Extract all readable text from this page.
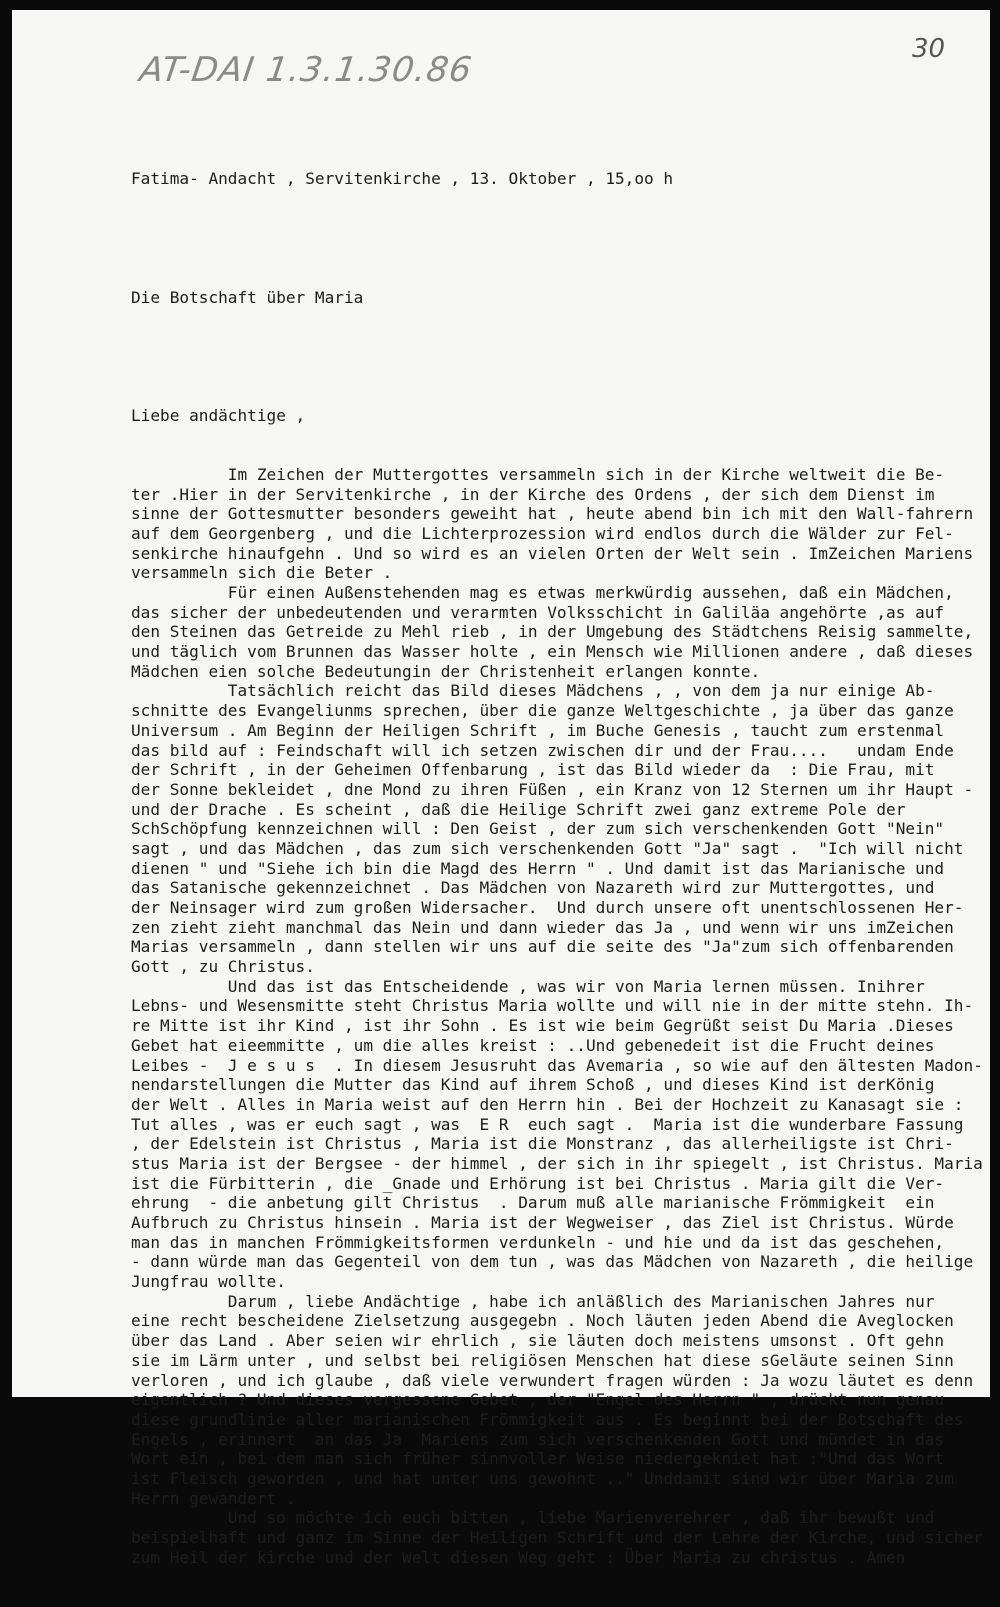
AT-DAI 1.3.1.30.86
30

Fatima- Andacht , Servitenkirche , 13. Oktober , 15,oo h

Die Botschaft über Maria

Liebe andächtige ,

Im Zeichen der Muttergottes versammeln sich in der Kirche weltweit die Be-
ter .Hier in der Servitenkirche , in der Kirche des Ordens , der sich dem Dienst im
sinne der Gottesmutter besonders geweiht hat , heute abend bin ich mit den Wall-fahrern
auf dem Georgenberg , und die Lichterprozession wird endlos durch die Wälder zur Fel-
senkirche hinaufgehn . Und so wird es an vielen Orten der Welt sein . ImZeichen Mariens
versammeln sich die Beter .
Für einen Außenstehenden mag es etwas merkwürdig aussehen, daß ein Mädchen,
das sicher der unbedeutenden und verarmten Volksschicht in Galiläa angehörte ,as auf
den Steinen das Getreide zu Mehl rieb , in der Umgebung des Städtchens Reisig sammelte,
und täglich vom Brunnen das Wasser holte , ein Mensch wie Millionen andere , daß dieses
Mädchen eien solche Bedeutungin der Christenheit erlangen konnte.
Tatsächlich reicht das Bild dieses Mädchens , , von dem ja nur einige Ab-
schnitte des Evangeliunms sprechen, über die ganze Weltgeschichte , ja über das ganze
Universum . Am Beginn der Heiligen Schrift , im Buche Genesis , taucht zum erstenmal
das bild auf : Feindschaft will ich setzen zwischen dir und der Frau....   undam Ende
der Schrift , in der Geheimen Offenbarung , ist das Bild wieder da  : Die Frau, mit
der Sonne bekleidet , dne Mond zu ihren Füßen , ein Kranz von 12 Sternen um ihr Haupt -
und der Drache . Es scheint , daß die Heilige Schrift zwei ganz extreme Pole der
SchSchöpfung kennzeichnen will : Den Geist , der zum sich verschenkenden Gott "Nein"
sagt , und das Mädchen , das zum sich verschenkenden Gott "Ja" sagt .  "Ich will nicht
dienen " und "Siehe ich bin die Magd des Herrn " . Und damit ist das Marianische und
das Satanische gekennzeichnet . Das Mädchen von Nazareth wird zur Muttergottes, und
der Neinsager wird zum großen Widersacher.  Und durch unsere oft unentschlossenen Her-
zen zieht zieht manchmal das Nein und dann wieder das Ja , und wenn wir uns imZeichen
Marias versammeln , dann stellen wir uns auf die seite des "Ja"zum sich offenbarenden
Gott , zu Christus.
Und das ist das Entscheidende , was wir von Maria lernen müssen. Inihrer
Lebns- und Wesensmitte steht Christus Maria wollte und will nie in der mitte stehn. Ih-
re Mitte ist ihr Kind , ist ihr Sohn . Es ist wie beim Gegrüßt seist Du Maria .Dieses
Gebet hat eieemmitte , um die alles kreist : ..Und gebenedeit ist die Frucht deines
Leibes -  J e s u s  . In diesem Jesusruht das Avemaria , so wie auf den ältesten Madon-
nendarstellungen die Mutter das Kind auf ihrem Schoß , und dieses Kind ist derKönig
der Welt . Alles in Maria weist auf den Herrn hin . Bei der Hochzeit zu Kanasagt sie :
Tut alles , was er euch sagt , was  E R  euch sagt .  Maria ist die wunderbare Fassung
, der Edelstein ist Christus , Maria ist die Monstranz , das allerheiligste ist Chri-
stus Maria ist der Bergsee - der himmel , der sich in ihr spiegelt , ist Christus. Maria
ist die Fürbitterin , die _Gnade und Erhörung ist bei Christus . Maria gilt die Ver-
ehrung  - die anbetung gilt Christus  . Darum muß alle marianische Frömmigkeit  ein
Aufbruch zu Christus hinsein . Maria ist der Wegweiser , das Ziel ist Christus. Würde
man das in manchen Frömmigkeitsformen verdunkeln - und hie und da ist das geschehen,
- dann würde man das Gegenteil von dem tun , was das Mädchen von Nazareth , die heilige
Jungfrau wollte.
Darum , liebe Andächtige , habe ich anläßlich des Marianischen Jahres nur
eine recht bescheidene Zielsetzung ausgegebn . Noch läuten jeden Abend die Aveglocken
über das Land . Aber seien wir ehrlich , sie läuten doch meistens umsonst . Oft gehn
sie im Lärm unter , und selbst bei religiösen Menschen hat diese sGeläute seinen Sinn
verloren , und ich glaube , daß viele verwundert fragen würden : Ja wozu läutet es denn
eigentlich ? Und dieses vergessene Gebet , der "Engel des Herrn " , drückt nun genau
diese grundlinie aller marianischen Frömmigkeit aus . Es beginnt bei der Botschaft des
Engels , erinnert  an das Ja  Mariens zum sich verschenkenden Gott und mündet in das
Wort ein , bei dem man sich früher sinnvoller Weise niedergekniet hat :"Und das Wort
ist Fleisch geworden , und hat unter uns gewohnt .." Unddamit sind wir über Maria zum
Herrn gewandert .
Und so möchte ich euch bitten , liebe Marienverehrer , daß ihr bewußt und
beispielhaft und ganz im Sinne der Heiligen Schrift und der Lehre der Kirche, und sicher
zum Heil der kirche und der Welt diesen Weg geht : Über Maria zu christus . Amen
